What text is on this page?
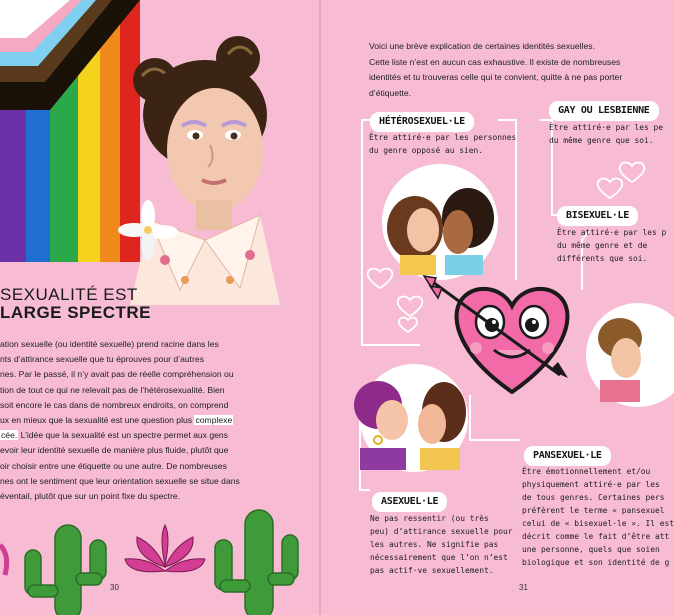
SEXUALITÉ EST
LARGE SPECTRE
ation sexuelle (ou identité sexuelle) prend racine dans les
nts d’attirance sexuelle que tu éprouves pour d’autres
nes. Par le passé, il n’y avait pas de réelle compréhension ou
tion de tout ce qui ne relevait pas de l’hétérosexualité. Bien
soit encore le cas dans de nombreux endroits, on comprend
ux en mieux que la sexualité est une question plus complexe
cée. L’idée que la sexualité est un spectre permet aux gens
evoir leur identité sexuelle de manière plus fluide, plutôt que
oir choisir entre une étiquette ou une autre. De nombreuses
nes ont le sentiment que leur orientation sexuelle se situe dans
éventail, plutôt que sur un point fixe du spectre.
30
Voici une brève explication de certaines identités sexuelles.
Cette liste n’est en aucun cas exhaustive. Il existe de nombreuses
identités et tu trouveras celle qui te convient, quitte à ne pas porter
d’étiquette.
HÉTÉROSEXUEL·LE
Être attiré·e par les personnes
du genre opposé au sien.
GAY OU LESBIENNE
Être attiré·e par les pe
du même genre que soi.
BISEXUEL·LE
Être attiré·e par les p
du même genre et de
différents que soi.
PANSEXUEL·LE
Être émotionnellement et/ou
physiquement attiré·e par les
de tous genres. Certaines pers
préfèrent le terme « pansexuel
celui de « bisexuel·le ». Il est
décrit comme le fait d’être att
une personne, quels que soien
biologique et son identité de g
ASEXUEL·LE
Ne pas ressentir (ou très
peu) d’attirance sexuelle pour
les autres. Ne signifie pas
nécessairement que l’on n’est
pas actif·ve sexuellement.
31
